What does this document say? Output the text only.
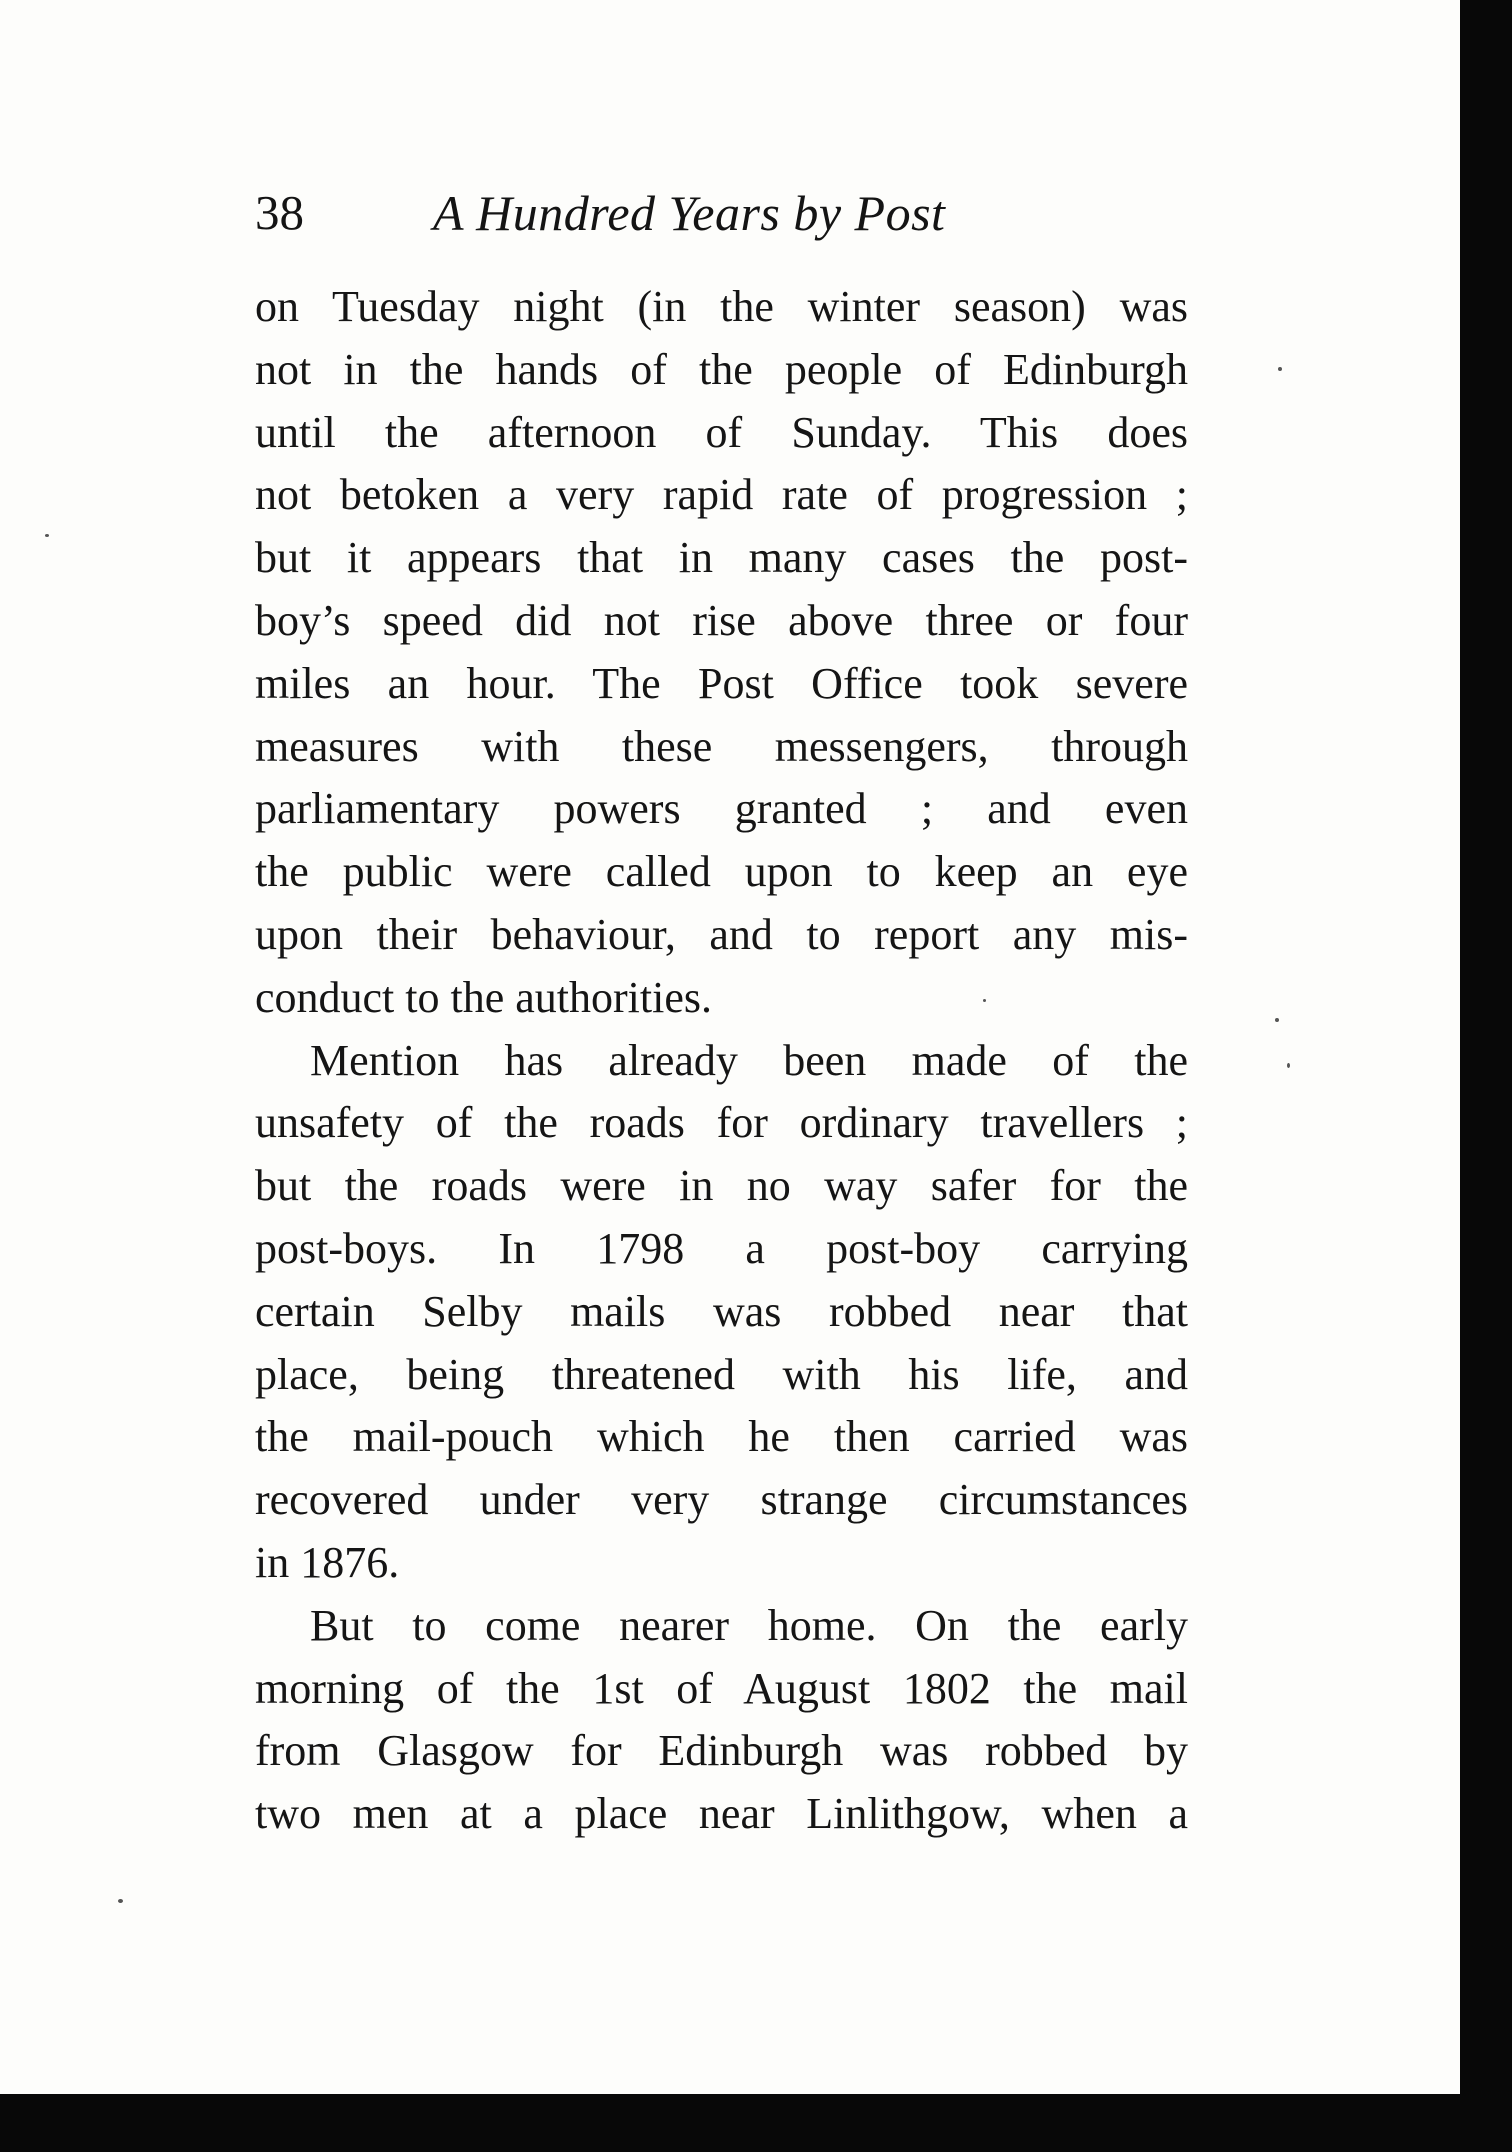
38	A Hundred Years by Post

on Tuesday night (in the winter season) was
not in the hands of the people of Edinburgh
until the afternoon of Sunday. This does
not betoken a very rapid rate of progression ;
but it appears that in many cases the post-
boy’s speed did not rise above three or four
miles an hour. The Post Office took severe
measures with these messengers, through
parliamentary powers granted ; and even
the public were called upon to keep an eye
upon their behaviour, and to report any mis-
conduct to the authorities.

Mention has already been made of the
unsafety of the roads for ordinary travellers ;
but the roads were in no way safer for the
post-boys. In 1798 a post-boy carrying
certain Selby mails was robbed near that
place, being threatened with his life, and
the mail-pouch which he then carried was
recovered under very strange circumstances
in 1876.

But to come nearer home. On the early
morning of the 1st of August 1802 the mail
from Glasgow for Edinburgh was robbed by
two men at a place near Linlithgow, when a
